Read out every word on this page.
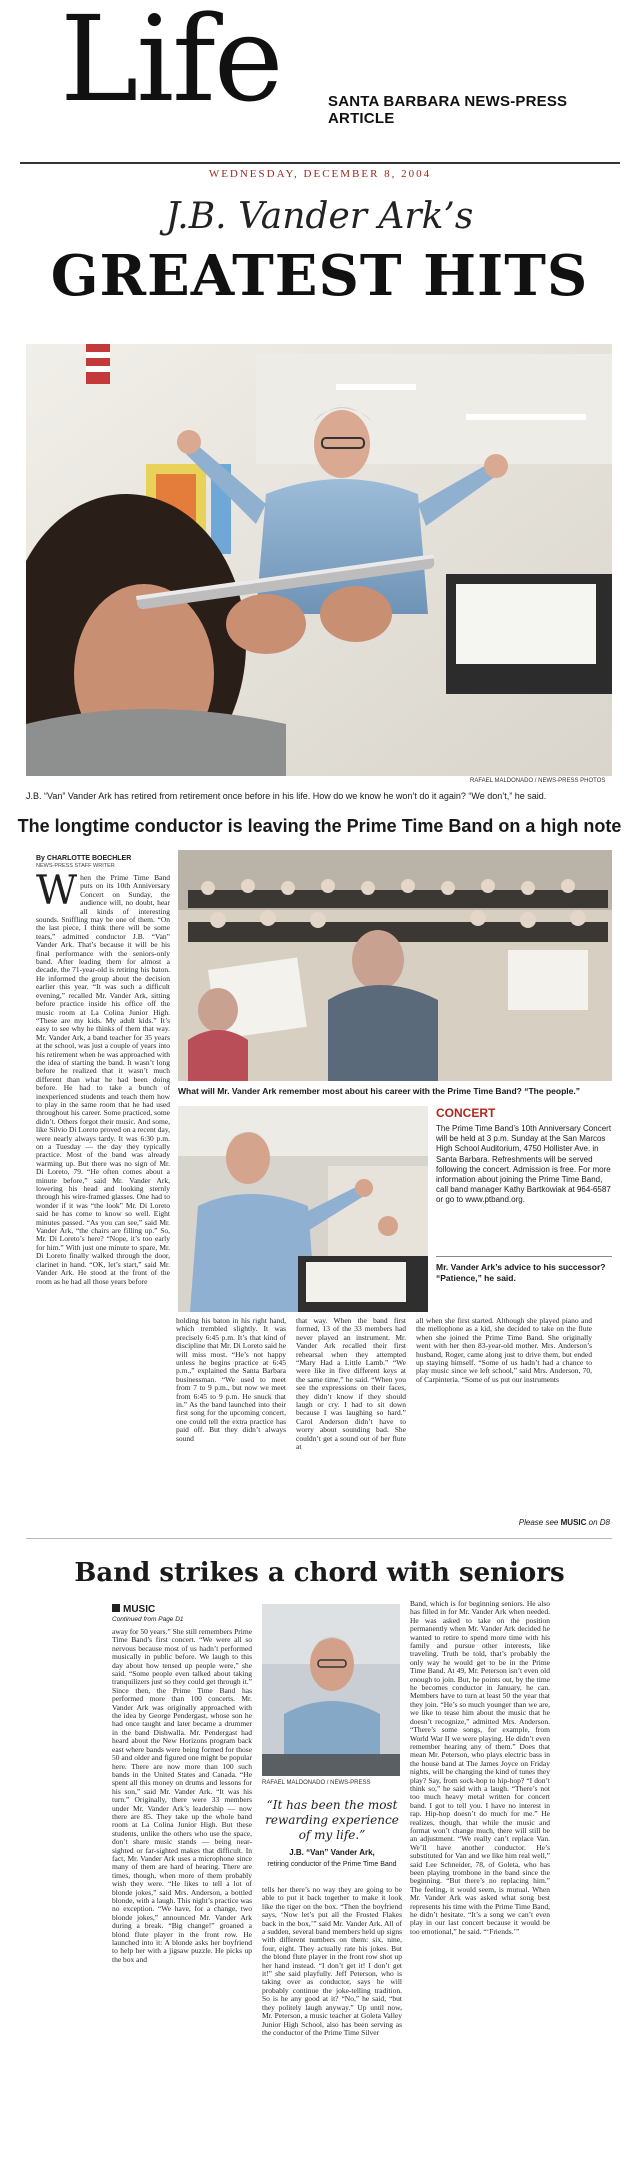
Life	SANTA BARBARA NEWS-PRESS ARTICLE
WEDNESDAY, DECEMBER 8, 2004
J.B. Vander Ark’s
GREATEST HITS
RAFAEL MALDONADO / NEWS-PRESS PHOTOS

J.B. “Van” Vander Ark has retired from retirement once before in his life. How do we know he won’t do it again? “We don’t,” he said.

The longtime conductor is leaving the Prime Time Band on a high note
By CHARLOTTE BOECHLER
NEWS-PRESS STAFF WRITER
When the Prime Time Band puts on its 10th Anniversary Concert on Sunday, the audience will, no doubt, hear all kinds of interesting sounds. Sniffling may be one of them. “On the last piece, I think there will be some tears,” admitted conductor J.B. “Van” Vander Ark. That’s because it will be his final performance with the seniors-only band. After leading them for almost a decade, the 71-year-old is retiring his baton. He informed the group about the decision earlier this year. “It was such a difficult evening,” recalled Mr. Vander Ark, sitting before practice inside his office off the music room at La Colina Junior High. “These are my kids. My adult kids.” It’s easy to see why he thinks of them that way. Mr. Vander Ark, a band teacher for 35 years at the school, was just a couple of years into his retirement when he was approached with the idea of starting the band. It wasn’t long before he realized that it wasn’t much different than what he had been doing before. He had to take a bunch of inexperienced students and teach them how to play in the same room that he had used throughout his career. Some practiced, some didn’t. Others forgot their music. And some, like Silvio Di Loreto proved on a recent day, were nearly always tardy. It was 6:30 p.m. on a Tuesday — the day they typically practice. Most of the band was already warming up. But there was no sign of Mr. Di Loreto, 79. “He often comes about a minute before,” said Mr. Vander Ark, lowering his head and looking sternly through his wire-framed glasses. One had to wonder if it was “the look” Mr. Di Loreto said he has come to know so well. Eight minutes passed. “As you can see,” said Mr. Vander Ark, “the chairs are filling up.” So, Mr. Di Loreto’s here? “Nope, it’s too early for him.” With just one minute to spare, Mr. Di Loreto finally walked through the door, clarinet in hand. “OK, let’s start,” said Mr. Vander Ark. He stood at the front of the room as he had all those years before

What will Mr. Vander Ark remember most about his career with the Prime Time Band? “The people.”

CONCERT

The Prime Time Band’s 10th Anniversary Concert will be held at 3 p.m. Sunday at the San Marcos High School Auditorium, 4750 Hollister Ave. in Santa Barbara. Refreshments will be served following the concert. Admission is free. For more information about joining the Prime Time Band, call band manager Kathy Bartkowiak at 964-6587 or go to www.ptband.org.

Mr. Vander Ark’s advice to his successor? “Patience,” he said.

holding his baton in his right hand, which trembled slightly. It was precisely 6:45 p.m. It’s that kind of discipline that Mr. Di Loreto said he will miss most. “He’s not happy unless he begins practice at 6:45 p.m.,” explained the Santa Barbara businessman. “We used to meet from 7 to 9 p.m., but now we meet from 6:45 to 9 p.m. He snuck that in.” As the band launched into their first song for the upcoming concert, one could tell the extra practice has paid off. But they didn’t always sound
that way. When the band first formed, 13 of the 33 members had never played an instrument. Mr. Vander Ark recalled their first rehearsal when they attempted “Mary Had a Little Lamb.” “We were like in five different keys at the same time,” he said. “When you see the expressions on their faces, they didn’t know if they should laugh or cry. I had to sit down because I was laughing so hard.” Carol Anderson didn’t have to worry about sounding bad. She couldn’t get a sound out of her flute at
all when she first started. Although she played piano and the mellophone as a kid, she decided to take on the flute when she joined the Prime Time Band. She originally went with her then 83-year-old mother. Mrs. Anderson’s husband, Roger, came along just to drive them, but ended up staying himself. “Some of us hadn’t had a chance to play music since we left school,” said Mrs. Anderson, 70, of Carpinteria. “Some of us put our instruments
Please see MUSIC on D8
Band strikes a chord with seniors
MUSIC
Continued from Page D1
away for 50 years.” She still remembers Prime Time Band’s first concert. “We were all so nervous because most of us hadn’t performed musically in public before. We laugh to this day about how tensed up people were,” she said. “Some people even talked about taking tranquilizers just so they could get through it.” Since then, the Prime Time Band has performed more than 100 concerts. Mr. Vander Ark was originally approached with the idea by George Pendergast, whose son he had once taught and later became a drummer in the band Dishwalla. Mr. Pendergast had heard about the New Horizons program back east where bands were being formed for those 50 and older and figured one might be popular here. There are now more than 100 such bands in the United States and Canada. “He spent all this money on drums and lessons for his son,” said Mr. Vander Ark. “It was his turn.” Originally, there were 33 members under Mr. Vander Ark’s leadership — now there are 85. They take up the whole band room at La Colina Junior High. But these students, unlike the others who use the space, don’t share music stands — being near-sighted or far-sighted makes that difficult. In fact, Mr. Vander Ark uses a microphone since many of them are hard of hearing. There are times, though, when more of them probably wish they were. “He likes to tell a lot of blonde jokes,” said Mrs. Anderson, a bottled blonde, with a laugh. This night’s practice was no exception. “We have, for a change, two blonde jokes,” announced Mr. Vander Ark during a break. “Big change!” groaned a blond flute player in the front row. He launched into it: A blonde asks her boyfriend to help her with a jigsaw puzzle. He picks up the box and
RAFAEL MALDONADO / NEWS-PRESS
“It has been the most rewarding experience of my life.”
J.B. “Van” Vander Ark,
retiring conductor of the Prime Time Band
tells her there’s no way they are going to be able to put it back together to make it look like the tiger on the box. “Then the boyfriend says, ‘Now let’s put all the Frosted Flakes back in the box,’” said Mr. Vander Ark. All of a sudden, several band members held up signs with different numbers on them: six, nine, four, eight. They actually rate his jokes. But the blond flute player in the front row shot up her hand instead. “I don’t get it! I don’t get it!” she said playfully. Jeff Peterson, who is taking over as conductor, says he will probably continue the joke-telling tradition. So is he any good at it? “No,” he said, “but they politely laugh anyway.” Up until now, Mr. Peterson, a music teacher at Goleta Valley Junior High School, also has been serving as the conductor of the Prime Time Silver
Band, which is for beginning seniors. He also has filled in for Mr. Vander Ark when needed. He was asked to take on the position permanently when Mr. Vander Ark decided he wanted to retire to spend more time with his family and pursue other interests, like traveling. Truth be told, that’s probably the only way he would get to be in the Prime Time Band. At 49, Mr. Peterson isn’t even old enough to join. But, he points out, by the time he becomes conductor in January, he can. Members have to turn at least 50 the year that they join. “He’s so much younger than we are, we like to tease him about the music that he doesn’t recognize,” admitted Mrs. Anderson. “There’s some songs, for example, from World War II we were playing. He didn’t even remember hearing any of them.” Does that mean Mr. Peterson, who plays electric bass in the house band at The James Joyce on Friday nights, will be changing the kind of tunes they play? Say, from sock-hop to hip-hop? “I don’t think so,” he said with a laugh. “There’s not too much heavy metal written for concert band. I got to tell you. I have no interest in rap. Hip-hop doesn’t do much for me.” He realizes, though, that while the music and format won’t change much, there will still be an adjustment. “We really can’t replace Van. We’ll have another conductor. He’s substituted for Van and we like him real well,” said Lee Schneider, 78, of Goleta, who has been playing trombone in the band since the beginning. “But there’s no replacing him.” The feeling, it would seem, is mutual. When Mr. Vander Ark was asked what song best represents his time with the Prime Time Band, he didn’t hesitate. “It’s a song we can’t even play in our last concert because it would be too emotional,” he said. “‘Friends.’”
